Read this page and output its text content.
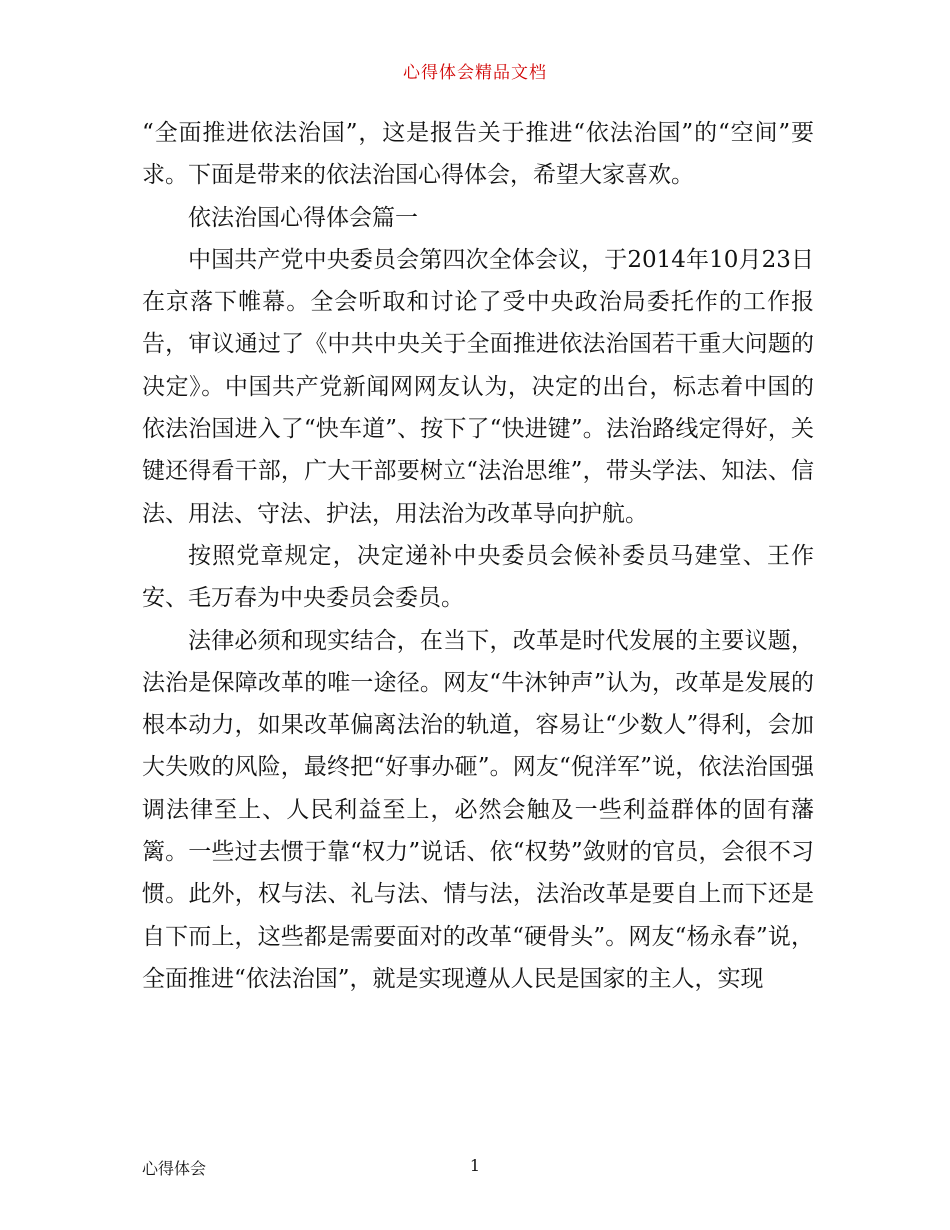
心得体会精品文档

“全面推进依法治国”，这是报告关于推进“依法治国”的“空间”要求。下面是带来的依法治国心得体会，希望大家喜欢。

依法治国心得体会篇一

中国共产党中央委员会第四次全体会议，于2014年10月23日在京落下帷幕。全会听取和讨论了受中央政治局委托作的工作报告，审议通过了《中共中央关于全面推进依法治国若干重大问题的决定》。中国共产党新闻网网友认为，决定的出台，标志着中国的依法治国进入了“快车道”、按下了“快进键”。法治路线定得好，关键还得看干部，广大干部要树立“法治思维”，带头学法、知法、信法、用法、守法、护法，用法治为改革导向护航。

按照党章规定，决定递补中央委员会候补委员马建堂、王作安、毛万春为中央委员会委员。

法律必须和现实结合，在当下，改革是时代发展的主要议题，法治是保障改革的唯一途径。网友“牛沐钟声”认为，改革是发展的根本动力，如果改革偏离法治的轨道，容易让“少数人”得利，会加大失败的风险，最终把“好事办砸”。网友“倪洋军”说，依法治国强调法律至上、人民利益至上，必然会触及一些利益群体的固有藩篱。一些过去惯于靠“权力”说话、依“权势”敛财的官员，会很不习惯。此外，权与法、礼与法、情与法，法治改革是要自上而下还是自下而上，这些都是需要面对的改革“硬骨头”。网友“杨永春”说，全面推进“依法治国”，就是实现遵从人民是国家的主人，实现

心得体会	1
